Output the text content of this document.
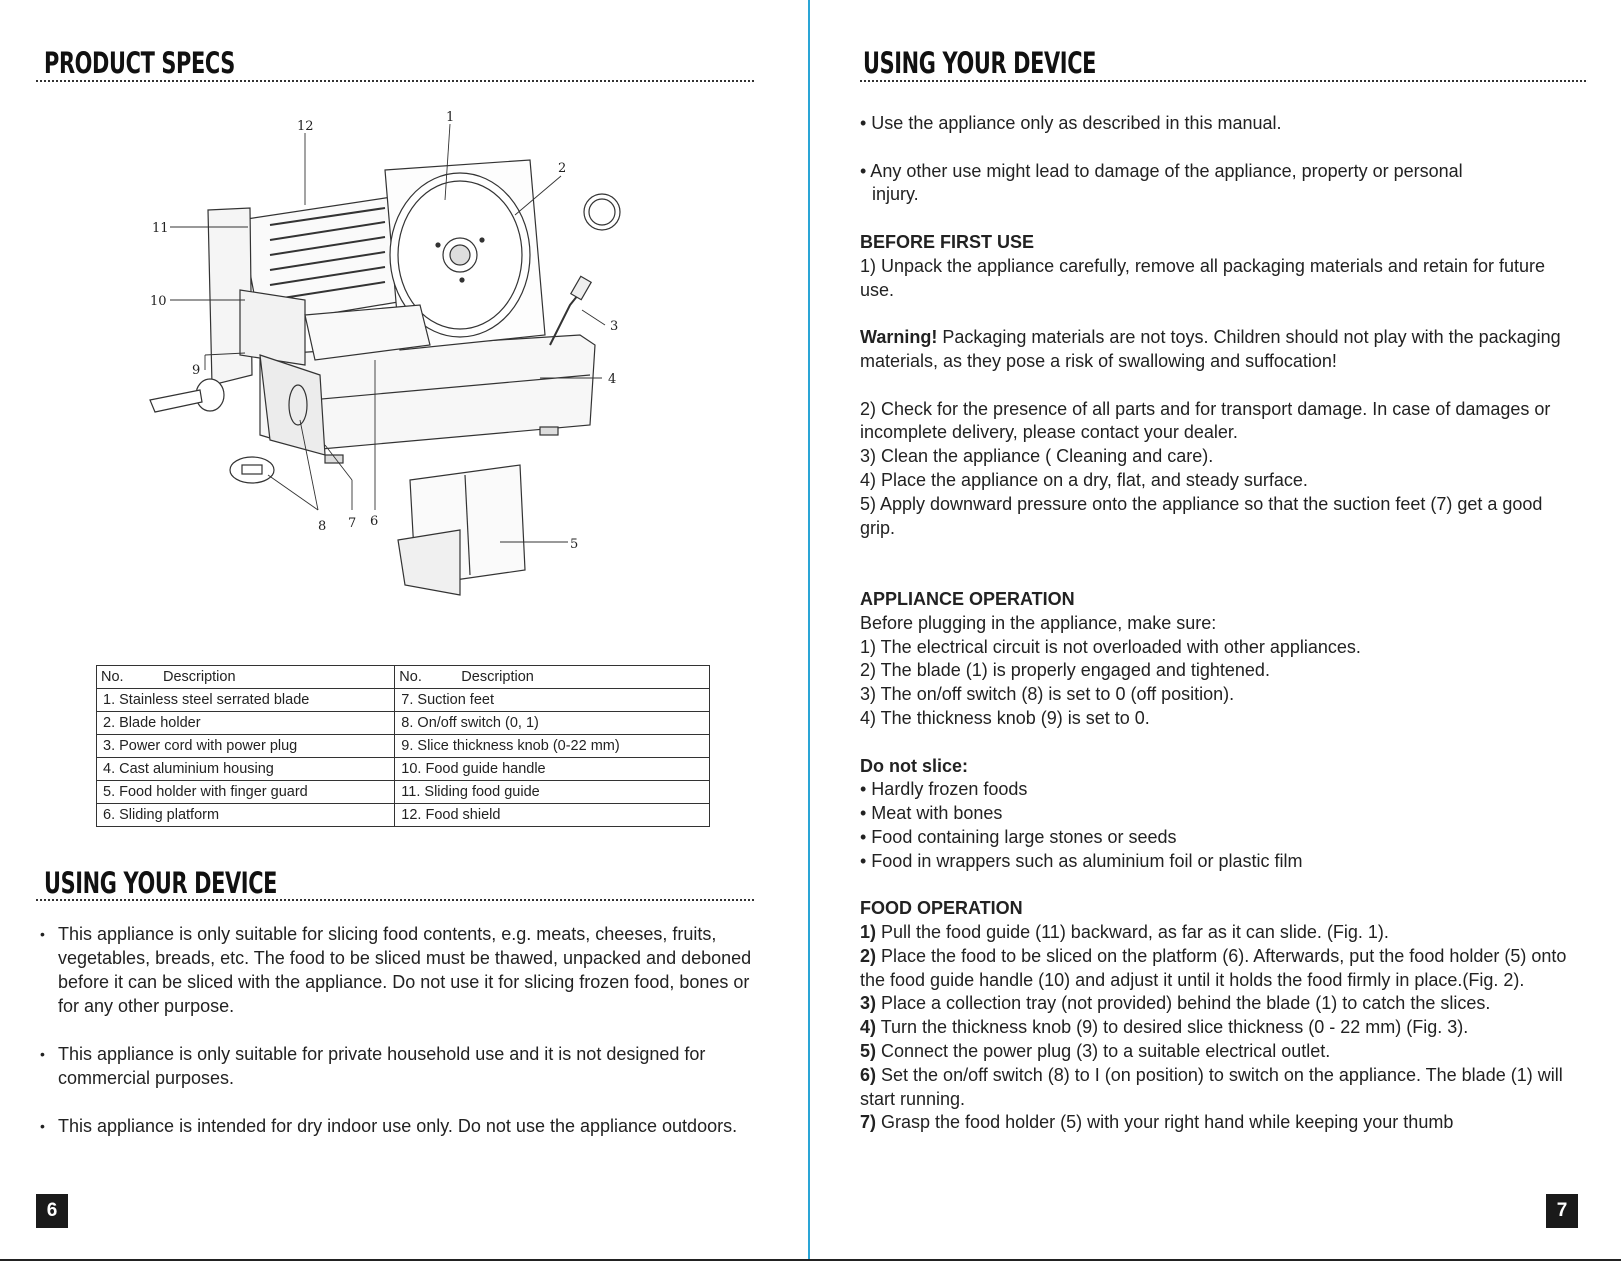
PRODUCT SPECS
1
2
3
4
5
6
7
8
9
10
11
12
No. Description	No. Description
1. Stainless steel serrated blade	7. Suction feet
2. Blade holder	8. On/off switch (0, 1)
3. Power cord with power plug	9. Slice thickness knob (0-22 mm)
4. Cast aluminium housing	10. Food guide handle
5. Food holder with finger guard	11. Sliding food guide
6. Sliding platform	12. Food shield
USING YOUR DEVICE
• This appliance is only suitable for slicing food contents, e.g. meats, cheeses, fruits, vegetables, breads, etc. The food to be sliced must be thawed, unpacked and deboned before it can be sliced with the appliance. Do not use it for slicing frozen food, bones or for any other purpose.
• This appliance is only suitable for private household use and it is not designed for commercial purposes.
• This appliance is intended for dry indoor use only. Do not use the appliance outdoors.
6
USING YOUR DEVICE

• Use the appliance only as described in this manual.

• Any other use might lead to damage of the appliance, property or personal

injury.

BEFORE FIRST USE

1) Unpack the appliance carefully, remove all packaging materials and retain for future use.

Warning! Packaging materials are not toys. Children should not play with the packaging materials, as they pose a risk of swallowing and suffocation!

2) Check for the presence of all parts and for transport damage. In case of damages or incomplete delivery, please contact your dealer.

3) Clean the appliance ( Cleaning and care).

4) Place the appliance on a dry, flat, and steady surface.

5) Apply downward pressure onto the appliance so that the suction feet (7) get a good grip.

APPLIANCE OPERATION

Before plugging in the appliance, make sure:

1) The electrical circuit is not overloaded with other appliances.

2) The blade (1) is properly engaged and tightened.

3) The on/off switch (8) is set to 0 (off position).

4) The thickness knob (9) is set to 0.

Do not slice:

• Hardly frozen foods

• Meat with bones

• Food containing large stones or seeds

• Food in wrappers such as aluminium foil or plastic film

FOOD OPERATION

1) Pull the food guide (11) backward, as far as it can slide. (Fig. 1).

2) Place the food to be sliced on the platform (6). Afterwards, put the food holder (5) onto the food guide handle (10) and adjust it until it holds the food firmly in place.(Fig. 2).

3) Place a collection tray (not provided) behind the blade (1) to catch the slices.

4) Turn the thickness knob (9) to desired slice thickness (0 - 22 mm) (Fig. 3).

5) Connect the power plug (3) to a suitable electrical outlet.

6) Set the on/off switch (8) to I (on position) to switch on the appliance. The blade (1) will start running.

7) Grasp the food holder (5) with your right hand while keeping your thumb

7
